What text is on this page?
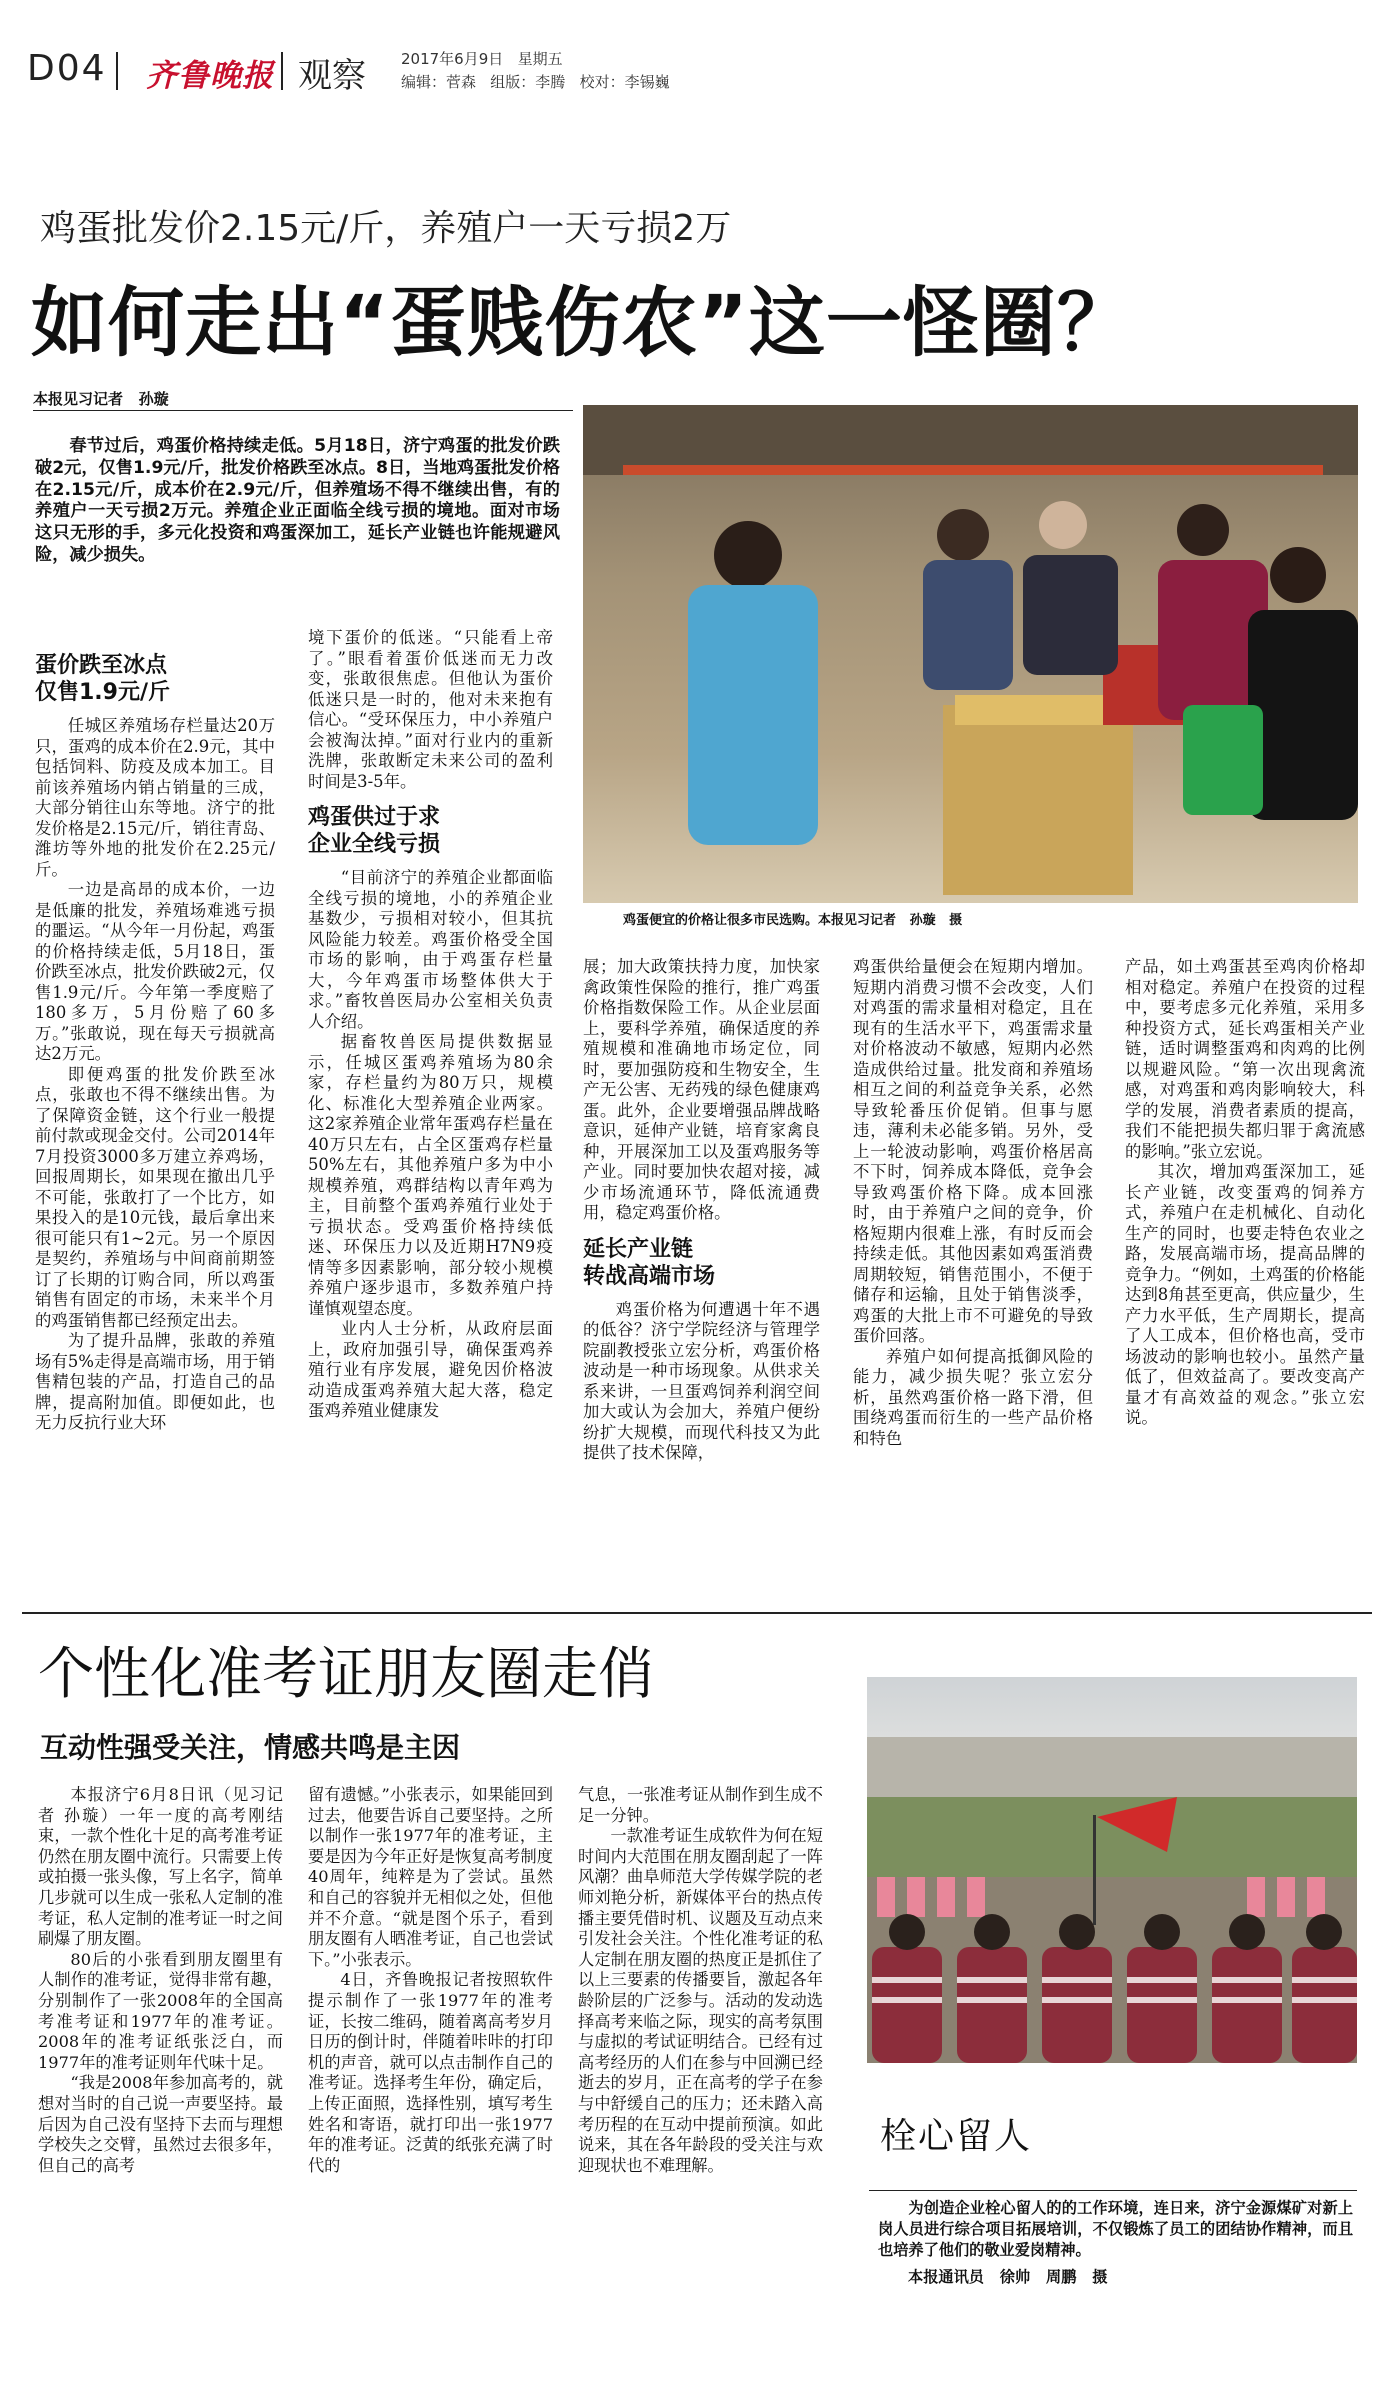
D04 齐鲁晚报 观察 2017年6月9日   星期五
编辑：菅森   组版：李腾   校对：李锡巍
鸡蛋批发价2.15元/斤，养殖户一天亏损2万
如何走出“蛋贱伤农”这一怪圈？
本报见习记者   孙璇
春节过后，鸡蛋价格持续走低。5月18日，济宁鸡蛋的批发价跌破2元，仅售1.9元/斤，批发价格跌至冰点。8日，当地鸡蛋批发价格在2.15元/斤，成本价在2.9元/斤，但养殖场不得不继续出售，有的养殖户一天亏损2万元。养殖企业正面临全线亏损的境地。面对市场这只无形的手，多元化投资和鸡蛋深加工，延长产业链也许能规避风险，减少损失。
鸡蛋便宜的价格让很多市民选购。本报见习记者   孙璇   摄
蛋价跌至冰点
仅售1.9元/斤

任城区养殖场存栏量达20万只，蛋鸡的成本价在2.9元，其中包括饲料、防疫及成本加工。目前该养殖场内销占销量的三成，大部分销往山东等地。济宁的批发价格是2.15元/斤，销往青岛、潍坊等外地的批发价在2.25元/斤。

一边是高昂的成本价，一边是低廉的批发，养殖场难逃亏损的噩运。“从今年一月份起，鸡蛋的价格持续走低，5月18日，蛋价跌至冰点，批发价跌破2元，仅售1.9元/斤。今年第一季度赔了180多万，5月份赔了60多万。”张敢说，现在每天亏损就高达2万元。

即便鸡蛋的批发价跌至冰点，张敢也不得不继续出售。为了保障资金链，这个行业一般提前付款或现金交付。公司2014年7月投资3000多万建立养鸡场，回报周期长，如果现在撤出几乎不可能，张敢打了一个比方，如果投入的是10元钱，最后拿出来很可能只有1~2元。另一个原因是契约，养殖场与中间商前期签订了长期的订购合同，所以鸡蛋销售有固定的市场，未来半个月的鸡蛋销售都已经预定出去。

为了提升品牌，张敢的养殖场有5%走得是高端市场，用于销售精包装的产品，打造自己的品牌，提高附加值。即便如此，也无力反抗行业大环

境下蛋价的低迷。“只能看上帝了。”眼看着蛋价低迷而无力改变，张敢很焦虑。但他认为蛋价低迷只是一时的，他对未来抱有信心。“受环保压力，中小养殖户会被淘汰掉。”面对行业内的重新洗牌，张敢断定未来公司的盈利时间是3-5年。

鸡蛋供过于求
企业全线亏损

“目前济宁的养殖企业都面临全线亏损的境地，小的养殖企业基数少，亏损相对较小，但其抗风险能力较差。鸡蛋价格受全国市场的影响，由于鸡蛋存栏量大，今年鸡蛋市场整体供大于求。”畜牧兽医局办公室相关负责人介绍。

据畜牧兽医局提供数据显示，任城区蛋鸡养殖场为80余家，存栏量约为80万只，规模化、标准化大型养殖企业两家。这2家养殖企业常年蛋鸡存栏量在40万只左右，占全区蛋鸡存栏量50%左右，其他养殖户多为中小规模养殖，鸡群结构以青年鸡为主，目前整个蛋鸡养殖行业处于亏损状态。受鸡蛋价格持续低迷、环保压力以及近期H7N9疫情等多因素影响，部分较小规模养殖户逐步退市，多数养殖户持谨慎观望态度。

业内人士分析，从政府层面上，政府加强引导，确保蛋鸡养殖行业有序发展，避免因价格波动造成蛋鸡养殖大起大落，稳定蛋鸡养殖业健康发

展；加大政策扶持力度，加快家禽政策性保险的推行，推广鸡蛋价格指数保险工作。从企业层面上，要科学养殖，确保适度的养殖规模和准确地市场定位，同时，要加强防疫和生物安全，生产无公害、无药残的绿色健康鸡蛋。此外，企业要增强品牌战略意识，延伸产业链，培育家禽良种，开展深加工以及蛋鸡服务等产业。同时要加快农超对接，减少市场流通环节，降低流通费用，稳定鸡蛋价格。

延长产业链
转战高端市场

鸡蛋价格为何遭遇十年不遇的低谷？济宁学院经济与管理学院副教授张立宏分析，鸡蛋价格波动是一种市场现象。从供求关系来讲，一旦蛋鸡饲养利润空间加大或认为会加大，养殖户便纷纷扩大规模，而现代科技又为此提供了技术保障，

鸡蛋供给量便会在短期内增加。短期内消费习惯不会改变，人们对鸡蛋的需求量相对稳定，且在现有的生活水平下，鸡蛋需求量对价格波动不敏感，短期内必然造成供给过量。批发商和养殖场相互之间的利益竞争关系，必然导致轮番压价促销。但事与愿违，薄利未必能多销。另外，受上一轮波动影响，鸡蛋价格居高不下时，饲养成本降低，竞争会导致鸡蛋价格下降。成本回涨时，由于养殖户之间的竞争，价格短期内很难上涨，有时反而会持续走低。其他因素如鸡蛋消费周期较短，销售范围小，不便于储存和运输，且处于销售淡季，鸡蛋的大批上市不可避免的导致蛋价回落。

养殖户如何提高抵御风险的能力，减少损失呢？张立宏分析，虽然鸡蛋价格一路下滑，但围绕鸡蛋而衍生的一些产品价格和特色

产品，如土鸡蛋甚至鸡肉价格却相对稳定。养殖户在投资的过程中，要考虑多元化养殖，采用多种投资方式，延长鸡蛋相关产业链，适时调整蛋鸡和肉鸡的比例以规避风险。“第一次出现禽流感，对鸡蛋和鸡肉影响较大，科学的发展，消费者素质的提高，我们不能把损失都归罪于禽流感的影响。”张立宏说。

其次，增加鸡蛋深加工，延长产业链，改变蛋鸡的饲养方式，养殖户在走机械化、自动化生产的同时，也要走特色农业之路，发展高端市场，提高品牌的竞争力。“例如，土鸡蛋的价格能达到8角甚至更高，供应量少，生产力水平低，生产周期长，提高了人工成本，但价格也高，受市场波动的影响也较小。虽然产量低了，但效益高了。要改变高产量才有高效益的观念。”张立宏说。

个性化准考证朋友圈走俏
互动性强受关注，情感共鸣是主因

本报济宁6月8日讯（见习记者 孙璇）一年一度的高考刚结束，一款个性化十足的高考准考证仍然在朋友圈中流行。只需要上传或拍摄一张头像，写上名字，简单几步就可以生成一张私人定制的准考证，私人定制的准考证一时之间刷爆了朋友圈。

80后的小张看到朋友圈里有人制作的准考证，觉得非常有趣，分别制作了一张2008年的全国高考准考证和1977年的准考证。2008年的准考证纸张泛白，而1977年的准考证则年代味十足。

“我是2008年参加高考的，就想对当时的自己说一声要坚持。最后因为自己没有坚持下去而与理想学校失之交臂，虽然过去很多年，但自己的高考

留有遗憾。”小张表示，如果能回到过去，他要告诉自己要坚持。之所以制作一张1977年的准考证，主要是因为今年正好是恢复高考制度40周年，纯粹是为了尝试。虽然和自己的容貌并无相似之处，但他并不介意。“就是图个乐子，看到朋友圈有人晒准考证，自己也尝试下。”小张表示。

4日，齐鲁晚报记者按照软件提示制作了一张1977年的准考证，长按二维码，随着离高考岁月日历的倒计时，伴随着咔咔的打印机的声音，就可以点击制作自己的准考证。选择考生年份，确定后，上传正面照，选择性别，填写考生姓名和寄语，就打印出一张1977年的准考证。泛黄的纸张充满了时代的

气息，一张准考证从制作到生成不足一分钟。

一款准考证生成软件为何在短时间内大范围在朋友圈刮起了一阵风潮？曲阜师范大学传媒学院的老师刘艳分析，新媒体平台的热点传播主要凭借时机、议题及互动点来引发社会关注。个性化准考证的私人定制在朋友圈的热度正是抓住了以上三要素的传播要旨，激起各年龄阶层的广泛参与。活动的发动选择高考来临之际，现实的高考氛围与虚拟的考试证明结合。已经有过高考经历的人们在参与中回溯已经逝去的岁月，正在高考的学子在参与中舒缓自己的压力；还未踏入高考历程的在互动中提前预演。如此说来，其在各年龄段的受关注与欢迎现状也不难理解。

栓心留人
为创造企业栓心留人的的工作环境，连日来，济宁金源煤矿对新上岗人员进行综合项目拓展培训，不仅锻炼了员工的团结协作精神，而且也培养了他们的敬业爱岗精神。
本报通讯员   徐帅   周鹏   摄
